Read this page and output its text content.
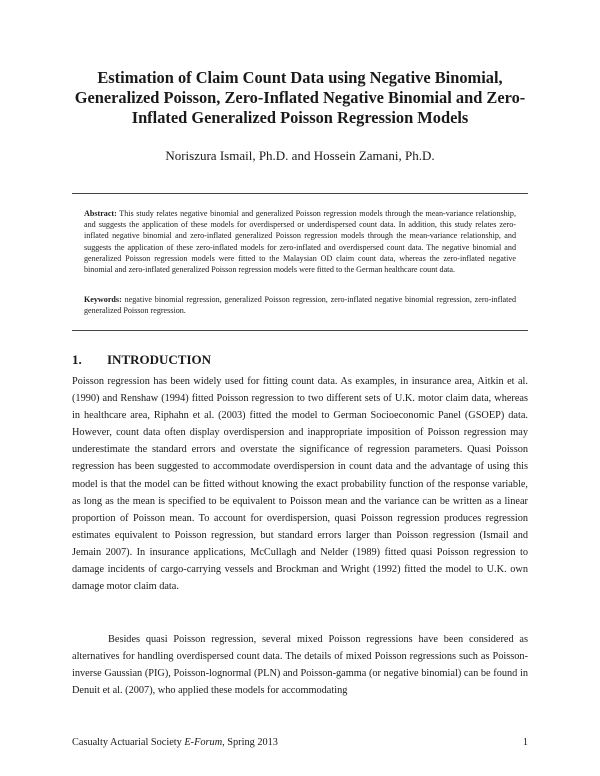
Estimation of Claim Count Data using Negative Binomial, Generalized Poisson, Zero-Inflated Negative Binomial and Zero-Inflated Generalized Poisson Regression Models
Noriszura Ismail, Ph.D. and Hossein Zamani, Ph.D.
Abstract: This study relates negative binomial and generalized Poisson regression models through the mean-variance relationship, and suggests the application of these models for overdispersed or underdispersed count data. In addition, this study relates zero-inflated negative binomial and zero-inflated generalized Poisson regression models through the mean-variance relationship, and suggests the application of these zero-inflated models for zero-inflated and overdispersed count data. The negative binomial and generalized Poisson regression models were fitted to the Malaysian OD claim count data, whereas the zero-inflated negative binomial and zero-inflated generalized Poisson regression models were fitted to the German healthcare count data.
Keywords: negative binomial regression, generalized Poisson regression, zero-inflated negative binomial regression, zero-inflated generalized Poisson regression.
1. INTRODUCTION
Poisson regression has been widely used for fitting count data. As examples, in insurance area, Aitkin et al. (1990) and Renshaw (1994) fitted Poisson regression to two different sets of U.K. motor claim data, whereas in healthcare area, Riphahn et al. (2003) fitted the model to German Socioeconomic Panel (GSOEP) data. However, count data often display overdispersion and inappropriate imposition of Poisson regression may underestimate the standard errors and overstate the significance of regression parameters. Quasi Poisson regression has been suggested to accommodate overdispersion in count data and the advantage of using this model is that the model can be fitted without knowing the exact probability function of the response variable, as long as the mean is specified to be equivalent to Poisson mean and the variance can be written as a linear proportion of Poisson mean. To account for overdispersion, quasi Poisson regression produces regression estimates equivalent to Poisson regression, but standard errors larger than Poisson regression (Ismail and Jemain 2007). In insurance applications, McCullagh and Nelder (1989) fitted quasi Poisson regression to damage incidents of cargo-carrying vessels and Brockman and Wright (1992) fitted the model to U.K. own damage motor claim data.
Besides quasi Poisson regression, several mixed Poisson regressions have been considered as alternatives for handling overdispersed count data. The details of mixed Poisson regressions such as Poisson-inverse Gaussian (PIG), Poisson-lognormal (PLN) and Poisson-gamma (or negative binomial) can be found in Denuit et al. (2007), who applied these models for accommodating
Casualty Actuarial Society E-Forum, Spring 2013	1
